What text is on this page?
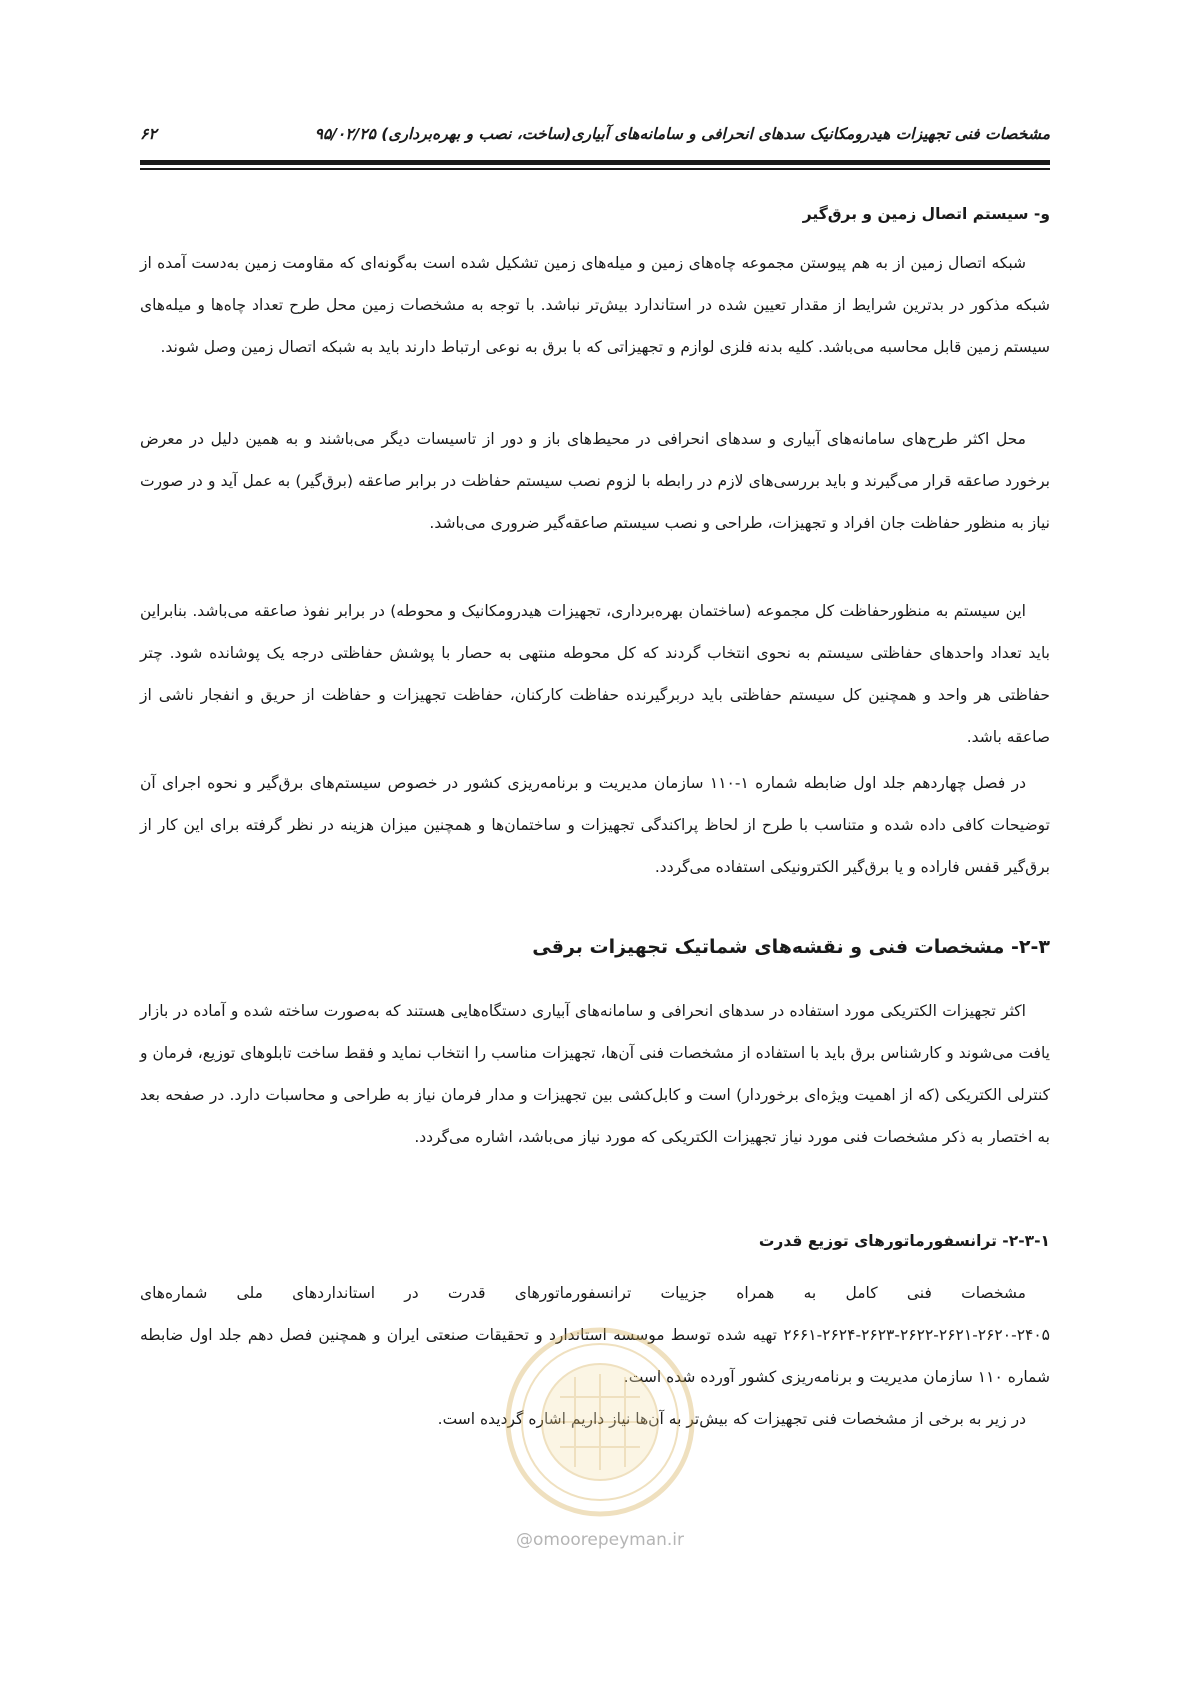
مشخصات فنی تجهیزات هیدرومکانیک سدهای انحرافی و سامانه‌های آبیاری(ساخت، نصب و بهره‌برداری) ۹۵/۰۲/۲۵
۶۲
و- سیستم اتصال زمین و برق‌گیر

شبکه اتصال زمین از به هم پیوستن مجموعه چاه‌های زمین و میله‌های زمین تشکیل شده است به‌گونه‌ای که مقاومت زمین به‌دست آمده از شبکه مذکور در بدترین شرایط از مقدار تعیین شده در استاندارد بیش‌تر نباشد. با توجه به مشخصات زمین محل طرح تعداد چاه‌ها و میله‌های سیستم زمین قابل محاسبه می‌باشد. کلیه بدنه فلزی لوازم و تجهیزاتی که با برق به نوعی ارتباط دارند باید به شبکه اتصال زمین وصل شوند.

محل اکثر طرح‌های سامانه‌های آبیاری و سدهای انحرافی در محیط‌های باز و دور از تاسیسات دیگر می‌باشند و به همین دلیل در معرض برخورد صاعقه قرار می‌گیرند و باید بررسی‌های لازم در رابطه با لزوم نصب سیستم حفاظت در برابر صاعقه (برق‌گیر) به عمل آید و در صورت نیاز به منظور حفاظت جان افراد و تجهیزات، طراحی و نصب سیستم صاعقه‌گیر ضروری می‌باشد.

این سیستم به منظورحفاظت کل مجموعه (ساختمان بهره‌برداری، تجهیزات هیدرومکانیک و محوطه) در برابر نفوذ صاعقه می‌باشد. بنابراین باید تعداد واحدهای حفاظتی سیستم به نحوی انتخاب گردند که کل محوطه منتهی به حصار با پوشش حفاظتی درجه یک پوشانده شود. چتر حفاظتی هر واحد و همچنین کل سیستم حفاظتی باید دربرگیرنده حفاظت کارکنان، حفاظت تجهیزات و حفاظت از حریق و انفجار ناشی از صاعقه باشد.

در فصل چهاردهم جلد اول ضابطه شماره ۱-۱۱۰ سازمان مدیریت و برنامه‌ریزی کشور در خصوص سیستم‌های برق‌گیر و نحوه اجرای آن توضیحات کافی داده شده و متناسب با طرح از لحاظ پراکندگی تجهیزات و ساختمان‌ها و همچنین میزان هزینه در نظر گرفته برای این کار از برق‌گیر قفس فاراده و یا برق‌گیر الکترونیکی استفاده می‌گردد.

۲-۳- مشخصات فنی و نقشه‌های شماتیک تجهیزات برقی

اکثر تجهیزات الکتریکی مورد استفاده در سدهای انحرافی و سامانه‌های آبیاری دستگاه‌هایی هستند که به‌صورت ساخته شده و آماده در بازار یافت می‌شوند و کارشناس برق باید با استفاده از مشخصات فنی آن‌ها، تجهیزات مناسب را انتخاب نماید و فقط ساخت تابلوهای توزیع، فرمان و کنترلی الکتریکی (که از اهمیت ویژه‌ای برخوردار) است و کابل‌کشی بین تجهیزات و مدار فرمان نیاز به طراحی و محاسبات دارد. در صفحه بعد به اختصار به ذکر مشخصات فنی مورد نیاز تجهیزات الکتریکی که مورد نیاز می‌باشد، اشاره می‌گردد.

۲-۳-۱- ترانسفورماتورهای توزیع قدرت

مشخصات فنی کامل به همراه جزییات ترانسفورماتورهای قدرت در استانداردهای ملی شماره‌های ۲۴۰۵-۲۶۲۰-۲۶۲۱-۲۶۲۲-۲۶۲۳-۲۶۲۴-۲۶۶۱ تهیه شده توسط موسسه استاندارد و تحقیقات صنعتی ایران و همچنین فصل دهم جلد اول ضابطه شماره ۱۱۰ سازمان مدیریت و برنامه‌ریزی کشور آورده شده است.

در زیر به برخی از مشخصات فنی تجهیزات که بیش‌تر به آن‌ها نیاز داریم اشاره گردیده است.

@omoorepeyman.ir
